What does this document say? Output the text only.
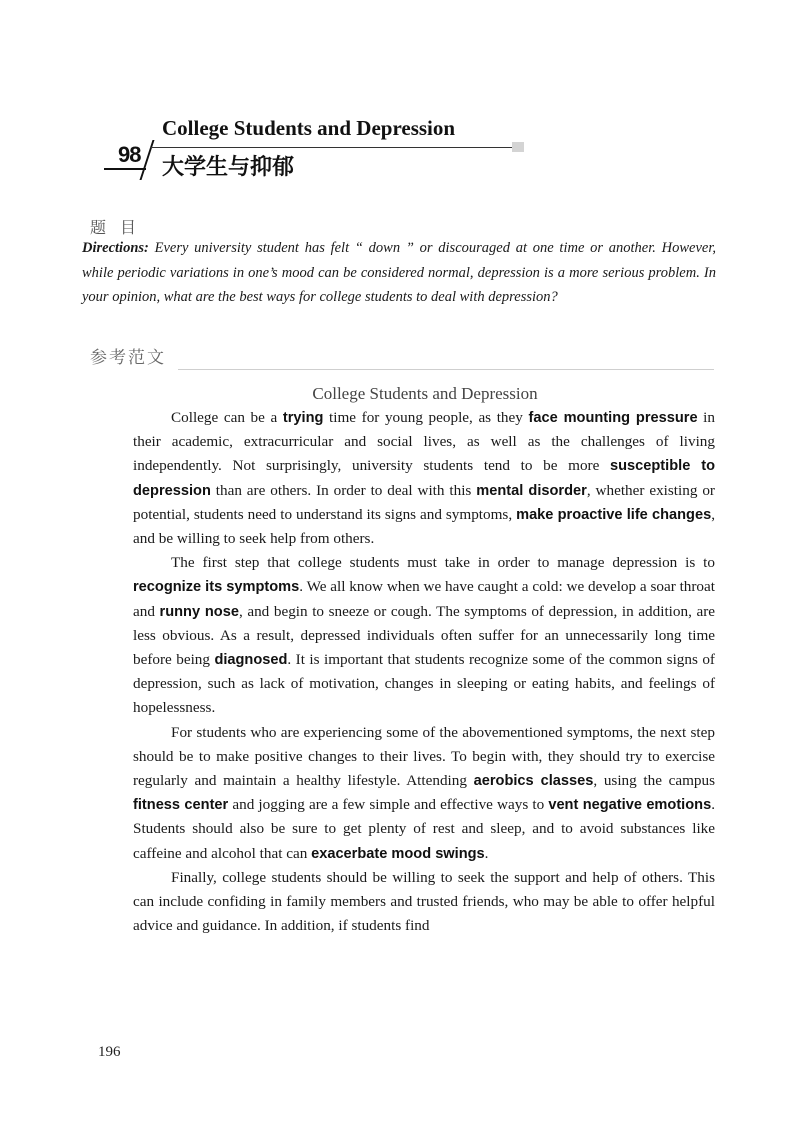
98
College Students and Depression
大学生与抑郁
题目
Directions: Every university student has felt “ down ” or discouraged at one time or another. However, while periodic variations in one’s mood can be considered normal, depression is a more serious problem. In your opinion, what are the best ways for college students to deal with depression?
参考范文
College Students and Depression

College can be a trying time for young people, as they face mounting pressure in their academic, extracurricular and social lives, as well as the challenges of living independently. Not surprisingly, university students tend to be more susceptible to depression than are others. In order to deal with this mental disorder, whether existing or potential, students need to understand its signs and symptoms, make proactive life changes, and be willing to seek help from others.

The first step that college students must take in order to manage depression is to recognize its symptoms. We all know when we have caught a cold: we develop a soar throat and runny nose, and begin to sneeze or cough. The symptoms of depression, in addition, are less obvious. As a result, depressed individuals often suffer for an unnecessarily long time before being diagnosed. It is important that students recognize some of the common signs of depression, such as lack of motivation, changes in sleeping or eating habits, and feelings of hopelessness.

For students who are experiencing some of the abovementioned symptoms, the next step should be to make positive changes to their lives. To begin with, they should try to exercise regularly and maintain a healthy lifestyle. Attending aerobics classes, using the campus fitness center and jogging are a few simple and effective ways to vent negative emotions. Students should also be sure to get plenty of rest and sleep, and to avoid substances like caffeine and alcohol that can exacerbate mood swings.

Finally, college students should be willing to seek the support and help of others. This can include confiding in family members and trusted friends, who may be able to offer helpful advice and guidance. In addition, if students find

196
